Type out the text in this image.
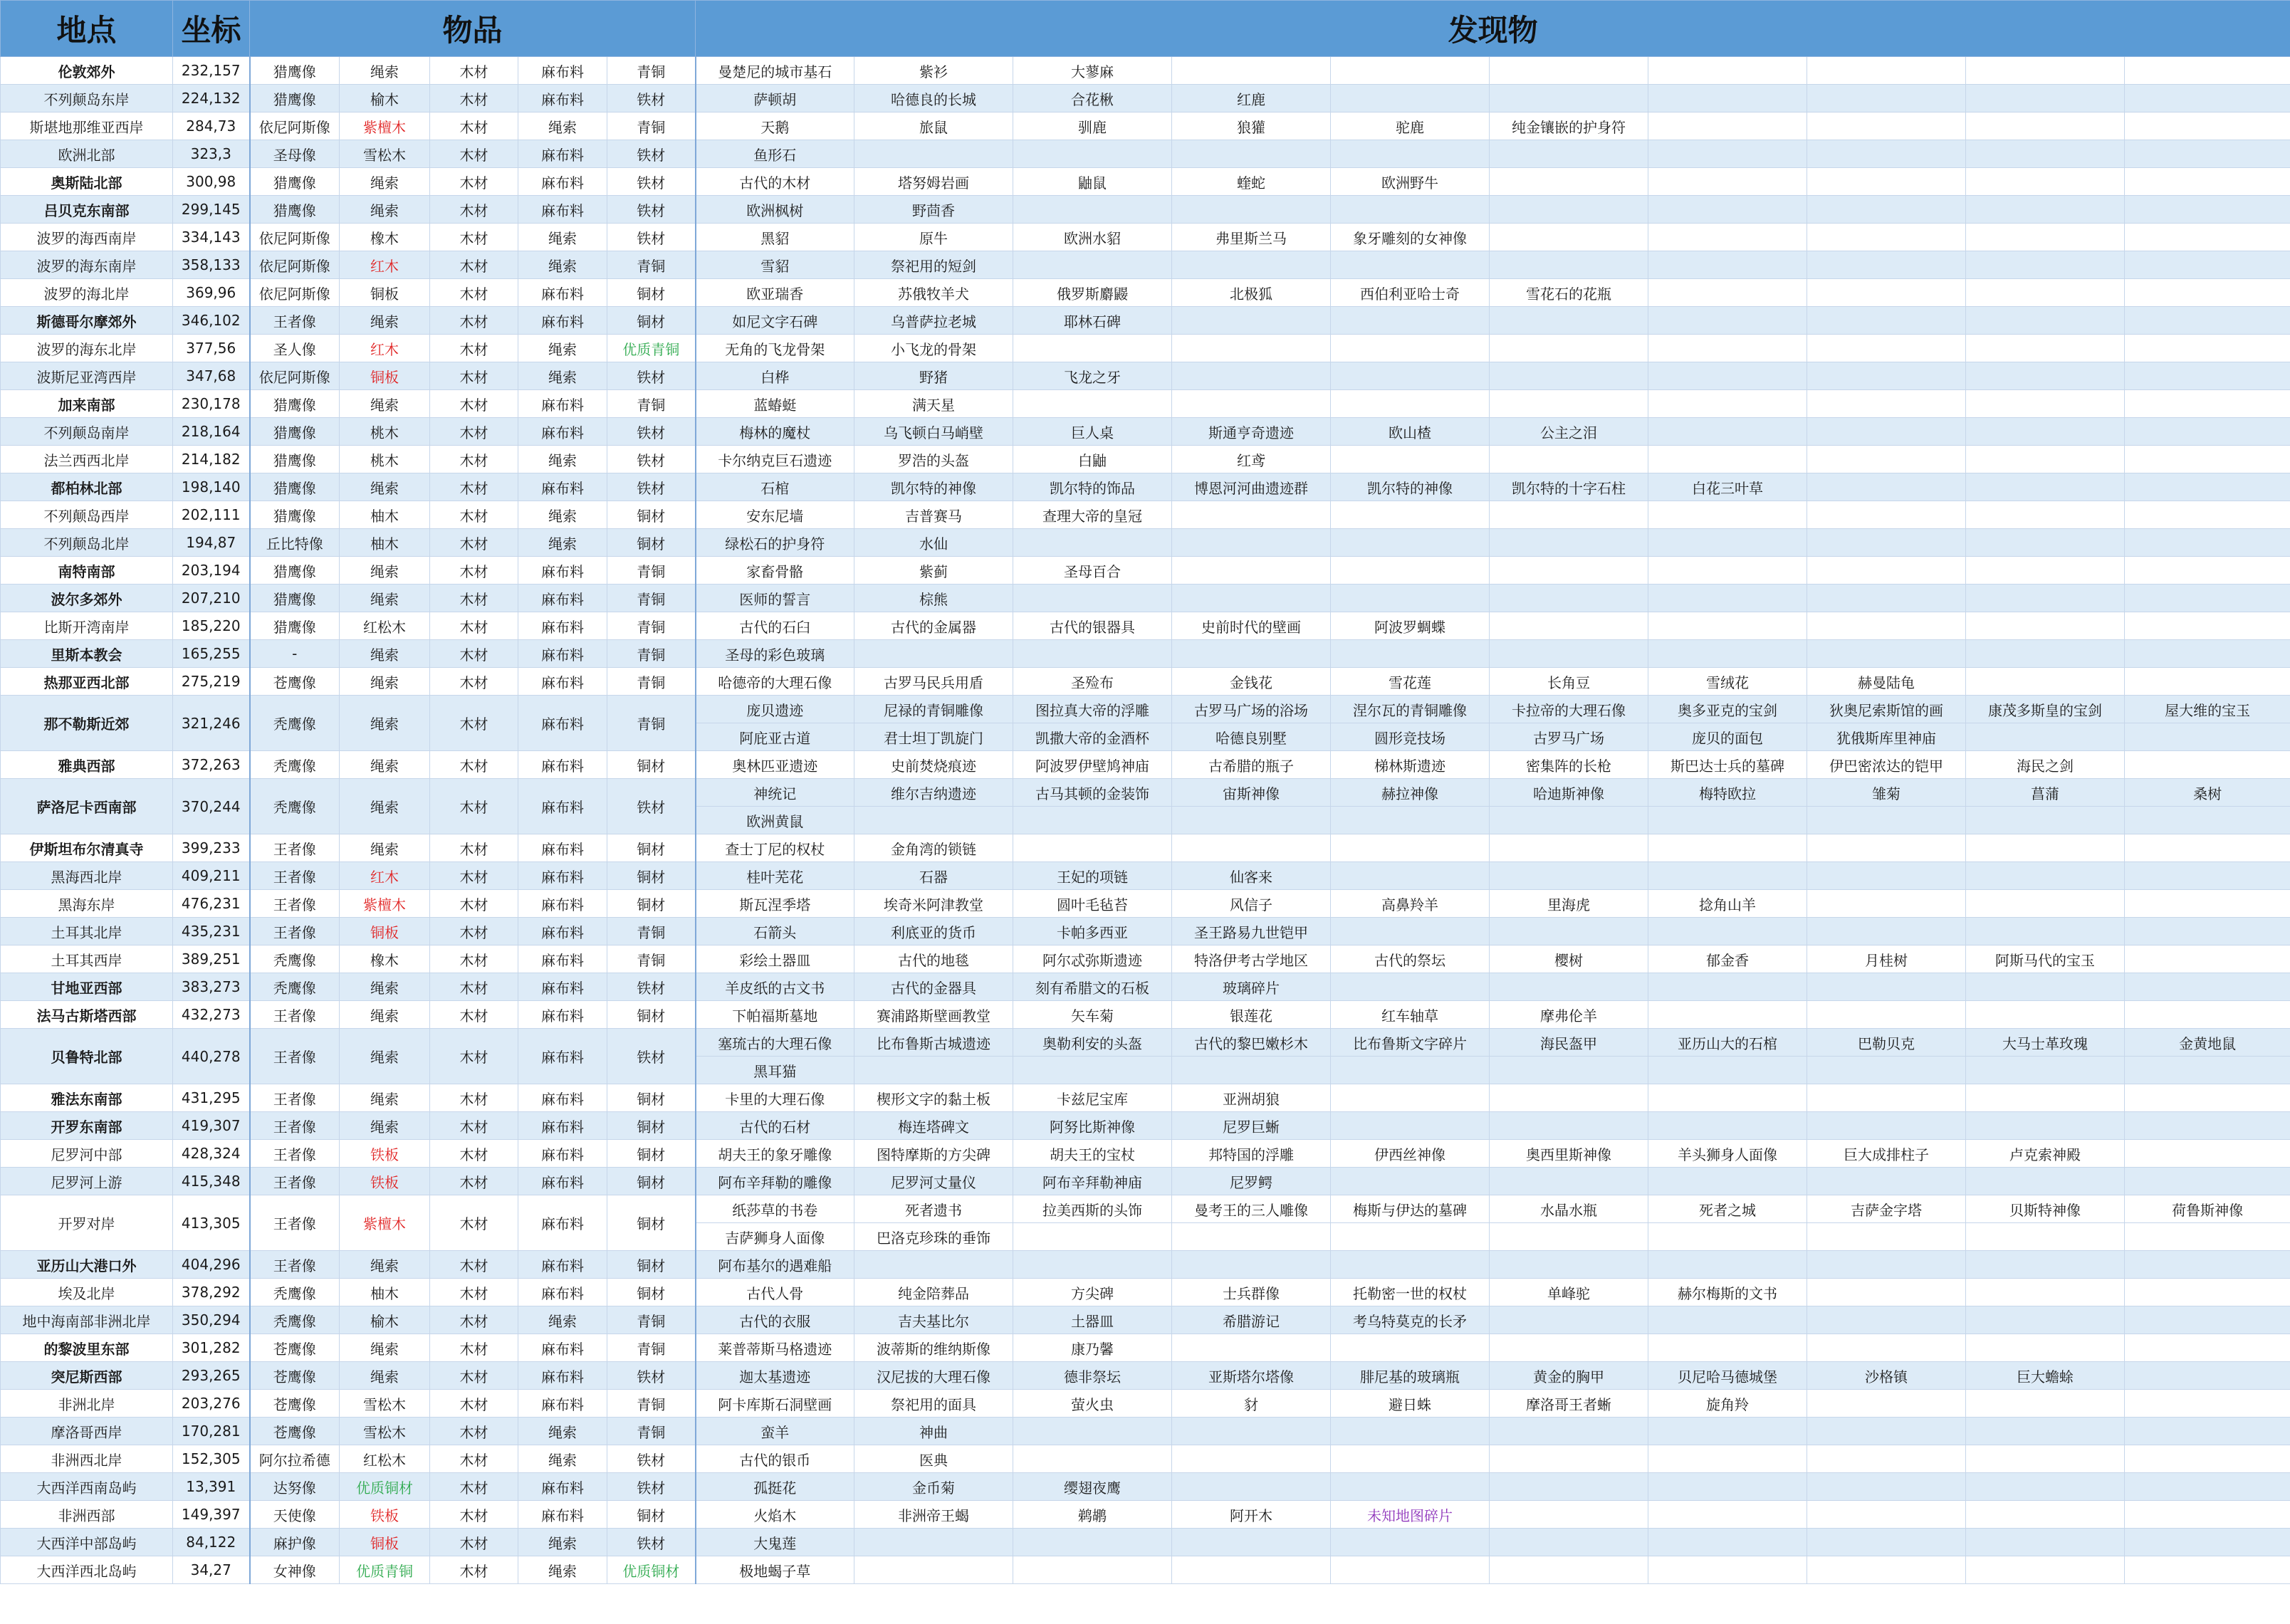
地点	坐标	物品					发现物									
伦敦郊外	232,157	猎鹰像	绳索	木材	麻布料	青铜	曼楚尼的城市基石	紫衫	大蓼麻							
不列颠岛东岸	224,132	猎鹰像	榆木	木材	麻布料	铁材	萨顿胡	哈德良的长城	合花楸	红鹿						
斯堪地那维亚西岸	284,73	依尼阿斯像	紫檀木	木材	绳索	青铜	天鹅	旅鼠	驯鹿	狼獾	驼鹿	纯金镶嵌的护身符				
欧洲北部	323,3	圣母像	雪松木	木材	麻布料	铁材	鱼形石									
奥斯陆北部	300,98	猎鹰像	绳索	木材	麻布料	铁材	古代的木材	塔努姆岩画	鼬鼠	蝰蛇	欧洲野牛					
吕贝克东南部	299,145	猎鹰像	绳索	木材	麻布料	铁材	欧洲枫树	野茴香								
波罗的海西南岸	334,143	依尼阿斯像	橡木	木材	绳索	铁材	黑貂	原牛	欧洲水貂	弗里斯兰马	象牙雕刻的女神像					
波罗的海东南岸	358,133	依尼阿斯像	红木	木材	绳索	青铜	雪貂	祭祀用的短剑								
波罗的海北岸	369,96	依尼阿斯像	铜板	木材	麻布料	铜材	欧亚瑞香	苏俄牧羊犬	俄罗斯麝鼹	北极狐	西伯利亚哈士奇	雪花石的花瓶				
斯德哥尔摩郊外	346,102	王者像	绳索	木材	麻布料	铜材	如尼文字石碑	乌普萨拉老城	耶林石碑							
波罗的海东北岸	377,56	圣人像	红木	木材	绳索	优质青铜	无角的飞龙骨架	小飞龙的骨架								
波斯尼亚湾西岸	347,68	依尼阿斯像	铜板	木材	绳索	铁材	白桦	野猪	飞龙之牙							
加来南部	230,178	猎鹰像	绳索	木材	麻布料	青铜	蓝蝽蜓	满天星								
不列颠岛南岸	218,164	猎鹰像	桃木	木材	麻布料	铁材	梅林的魔杖	乌飞顿白马峭壁	巨人桌	斯通亨奇遗迹	欧山楂	公主之泪				
法兰西西北岸	214,182	猎鹰像	桃木	木材	绳索	铁材	卡尔纳克巨石遗迹	罗浩的头盔	白鼬	红鸢						
都柏林北部	198,140	猎鹰像	绳索	木材	麻布料	铁材	石棺	凯尔特的神像	凯尔特的饰品	博恩河河曲遗迹群	凯尔特的神像	凯尔特的十字石柱	白花三叶草			
不列颠岛西岸	202,111	猎鹰像	柚木	木材	绳索	铜材	安东尼墙	吉普赛马	查理大帝的皇冠							
不列颠岛北岸	194,87	丘比特像	柚木	木材	绳索	铜材	绿松石的护身符	水仙								
南特南部	203,194	猎鹰像	绳索	木材	麻布料	青铜	家畜骨骼	紫蓟	圣母百合							
波尔多郊外	207,210	猎鹰像	绳索	木材	麻布料	青铜	医师的誓言	棕熊								
比斯开湾南岸	185,220	猎鹰像	红松木	木材	麻布料	青铜	古代的石臼	古代的金属器	古代的银器具	史前时代的壁画	阿波罗蜩蝶					
里斯本教会	165,255	-	绳索	木材	麻布料	青铜	圣母的彩色玻璃									
热那亚西北部	275,219	苍鹰像	绳索	木材	麻布料	青铜	哈德帝的大理石像	古罗马民兵用盾	圣殓布	金钱花	雪花莲	长角豆	雪绒花	赫曼陆龟		
那不勒斯近郊	321,246	秃鹰像	绳索	木材	麻布料	青铜	庞贝遗迹	尼禄的青铜雕像	图拉真大帝的浮雕	古罗马广场的浴场	涅尔瓦的青铜雕像	卡拉帝的大理石像	奥多亚克的宝剑	狄奥尼索斯馆的画	康茂多斯皇的宝剑	屋大维的宝玉
							阿庇亚古道	君士坦丁凯旋门	凯撒大帝的金酒杯	哈德良别墅	圆形竞技场	古罗马广场	庞贝的面包	犹俄斯库里神庙		
雅典西部	372,263	秃鹰像	绳索	木材	麻布料	铜材	奥林匹亚遗迹	史前焚烧痕迹	阿波罗伊壁鸠神庙	古希腊的瓶子	梯林斯遗迹	密集阵的长枪	斯巴达士兵的墓碑	伊巴密浓达的铠甲	海民之剑	
萨洛尼卡西南部	370,244	秃鹰像	绳索	木材	麻布料	铁材	神统记	维尔吉纳遗迹	古马其顿的金装饰	宙斯神像	赫拉神像	哈迪斯神像	梅特欧拉	雏菊	菖蒲	桑树
							欧洲黄鼠									
伊斯坦布尔清真寺	399,233	王者像	绳索	木材	麻布料	铜材	查士丁尼的权杖	金角湾的锁链								
黑海西北岸	409,211	王者像	红木	木材	麻布料	铜材	桂叶芜花	石器	王妃的项链	仙客来						
黑海东岸	476,231	王者像	紫檀木	木材	麻布料	铜材	斯瓦涅季塔	埃奇米阿津教堂	圆叶毛毡苔	风信子	高鼻羚羊	里海虎	捻角山羊			
土耳其北岸	435,231	王者像	铜板	木材	麻布料	青铜	石箭头	利底亚的货币	卡帕多西亚	圣王路易九世铠甲						
土耳其西岸	389,251	秃鹰像	橡木	木材	麻布料	青铜	彩绘土器皿	古代的地毯	阿尔忒弥斯遗迹	特洛伊考古学地区	古代的祭坛	樱树	郁金香	月桂树	阿斯马代的宝玉	
甘地亚西部	383,273	秃鹰像	绳索	木材	麻布料	铁材	羊皮纸的古文书	古代的金器具	刻有希腊文的石板	玻璃碎片						
法马古斯塔西部	432,273	王者像	绳索	木材	麻布料	铜材	下帕福斯墓地	赛浦路斯壁画教堂	矢车菊	银莲花	红车轴草	摩弗伦羊				
贝鲁特北部	440,278	王者像	绳索	木材	麻布料	铁材	塞琉古的大理石像	比布鲁斯古城遗迹	奥勒利安的头盔	古代的黎巴嫩杉木	比布鲁斯文字碎片	海民盔甲	亚历山大的石棺	巴勒贝克	大马士革玫瑰	金黄地鼠
							黑耳猫									
雅法东南部	431,295	王者像	绳索	木材	麻布料	铜材	卡里的大理石像	楔形文字的黏土板	卡兹尼宝库	亚洲胡狼						
开罗东南部	419,307	王者像	绳索	木材	麻布料	铜材	古代的石材	梅连塔碑文	阿努比斯神像	尼罗巨蜥						
尼罗河中部	428,324	王者像	铁板	木材	麻布料	铜材	胡夫王的象牙雕像	图特摩斯的方尖碑	胡夫王的宝杖	邦特国的浮雕	伊西丝神像	奥西里斯神像	羊头狮身人面像	巨大成排柱子	卢克索神殿	
尼罗河上游	415,348	王者像	铁板	木材	麻布料	铜材	阿布辛拜勒的雕像	尼罗河丈量仪	阿布辛拜勒神庙	尼罗鳄						
开罗对岸	413,305	王者像	紫檀木	木材	麻布料	铜材	纸莎草的书卷	死者遗书	拉美西斯的头饰	曼考王的三人雕像	梅斯与伊达的墓碑	水晶水瓶	死者之城	吉萨金字塔	贝斯特神像	荷鲁斯神像
							吉萨狮身人面像	巴洛克珍珠的垂饰								
亚历山大港口外	404,296	王者像	绳索	木材	麻布料	铜材	阿布基尔的遇难船									
埃及北岸	378,292	秃鹰像	柚木	木材	麻布料	铜材	古代人骨	纯金陪葬品	方尖碑	士兵群像	托勒密一世的权杖	单峰驼	赫尔梅斯的文书			
地中海南部非洲北岸	350,294	秃鹰像	榆木	木材	绳索	青铜	古代的衣服	吉夫基比尔	土器皿	希腊游记	考乌特莫克的长矛					
的黎波里东部	301,282	苍鹰像	绳索	木材	麻布料	青铜	莱普蒂斯马格遗迹	波蒂斯的维纳斯像	康乃馨							
突尼斯西部	293,265	苍鹰像	绳索	木材	麻布料	铁材	迦太基遗迹	汉尼拔的大理石像	德非祭坛	亚斯塔尔塔像	腓尼基的玻璃瓶	黄金的胸甲	贝尼哈马德城堡	沙格镇	巨大蟾蜍	
非洲北岸	203,276	苍鹰像	雪松木	木材	麻布料	青铜	阿卡库斯石洞壁画	祭祀用的面具	萤火虫	豺	避日蛛	摩洛哥王者蜥	旋角羚			
摩洛哥西岸	170,281	苍鹰像	雪松木	木材	绳索	青铜	蛮羊	神曲								
非洲西北岸	152,305	阿尔拉希德	红松木	木材	绳索	铁材	古代的银币	医典								
大西洋西南岛屿	13,391	达努像	优质铜材	木材	麻布料	铁材	孤挺花	金币菊	缨翅夜鹰							
非洲西部	149,397	天使像	铁板	木材	麻布料	铜材	火焰木	非洲帝王蝎	鹈鹕	阿开木	未知地图碎片					
大西洋中部岛屿	84,122	麻护像	铜板	木材	绳索	铁材	大鬼莲									
大西洋西北岛屿	34,27	女神像	优质青铜	木材	绳索	优质铜材	极地蝎子草									
